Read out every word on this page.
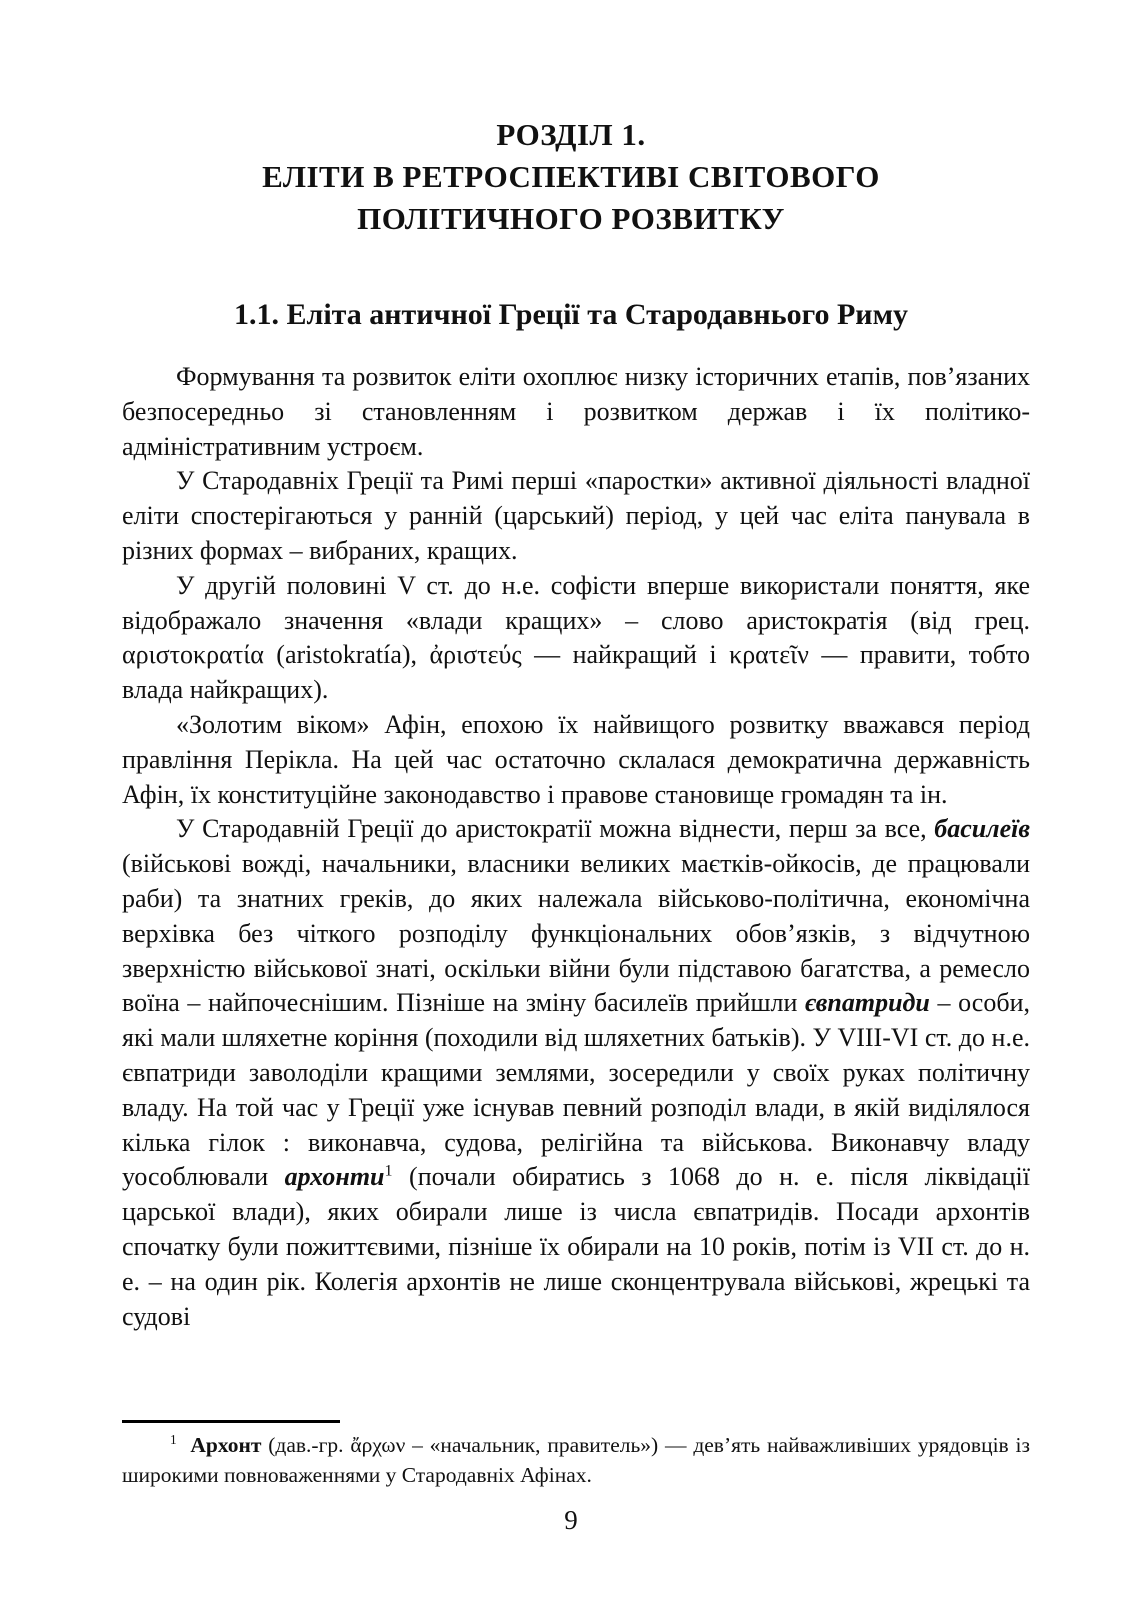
РОЗДІЛ 1.
ЕЛІТИ В РЕТРОСПЕКТИВІ СВІТОВОГО
ПОЛІТИЧНОГО РОЗВИТКУ
1.1. Еліта античної Греції та Стародавнього Риму

Формування та розвиток еліти охоплює низку історичних етапів, пов’язаних безпосередньо зі становленням і розвитком держав і їх політико-адміністративним устроєм.

У Стародавніх Греції та Римі перші «паростки» активної діяльності владної еліти спостерігаються у ранній (царський) період, у цей час еліта панувала в різних формах – вибраних, кращих.

У другій половині V ст. до н.е. софісти вперше використали поняття, яке відображало значення «влади кращих» – слово аристократія (від грец. αριστοκρατία (aristokratía), ἀριστεύς — найкращий і κρατεῖν — правити, тобто влада найкращих).

«Золотим віком» Афін, епохою їх найвищого розвитку вважався період правління Перікла. На цей час остаточно склалася демократична державність Афін, їх конституційне законодавство і правове становище громадян та ін.

У Стародавній Греції до аристократії можна віднести, перш за все, басилеїв (військові вожді, начальники, власники великих маєтків-ойкосів, де працювали раби) та знатних греків, до яких належала військово-політична, економічна верхівка без чіткого розподілу функціональних обов’язків, з відчутною зверхністю військової знаті, оскільки війни були підставою багатства, а ремесло воїна – найпочеснішим. Пізніше на зміну басилеїв прийшли євпатриди – особи, які мали шляхетне коріння (походили від шляхетних батьків). У VIII-VI ст. до н.е. євпатриди заволоділи кращими землями, зосередили у своїх руках політичну владу. На той час у Греції уже існував певний розподіл влади, в якій виділялося кілька гілок : виконавча, судова, релігійна та військова. Виконавчу владу уособлювали архонти$^1$ (почали обиратись з 1068 до н. е. після ліквідації царської влади), яких обирали лише із числа євпатридів. Посади архонтів спочатку були пожиттєвими, пізніше їх обирали на 10 років, потім із VII ст. до н. е. – на один рік. Колегія архонтів не лише сконцентрувала військові, жрецькі та судові

$^1$ Архонт (дав.-гр. ἄρχων – «начальник, правитель») — дев’ять найважливіших урядовців із широкими повноваженнями у Стародавніх Афінах.

9
